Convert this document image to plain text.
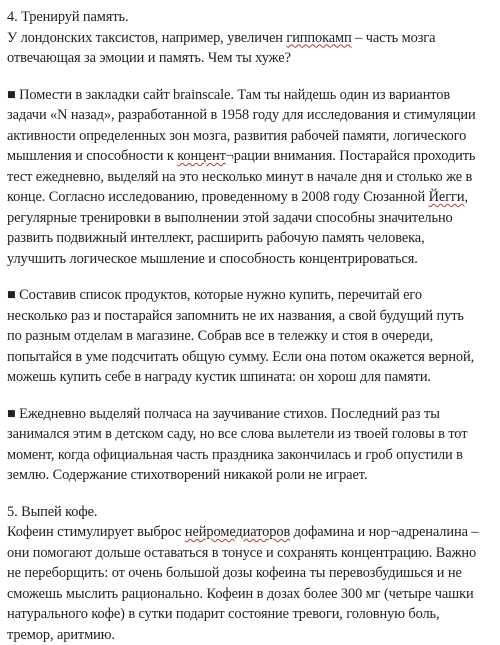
4. Тренируй память.
У лондонских таксистов, например, увеличен гиппокамп – часть мозга
отвечающая за эмоции и память. Чем ты хуже?
■ Помести в закладки сайт brainscale. Там ты найдешь один из вариантов
задачи «N назад», разработанной в 1958 году для исследования и стимуляции
активности определенных зон мозга, развития рабочей памяти, логического
мышления и способности к концент¬рации внимания. Постарайся проходить
тест ежедневно, выделяй на это несколько минут в начале дня и столько же в
конце. Согласно исследованию, проведенному в 2008 году Сюзанной Йегги,
регулярные тренировки в выполнении этой задачи способны значительно
развить подвижный интеллект, расширить рабочую память человека,
улучшить логическое мышление и способность концентрироваться.
■ Составив список продуктов, которые нужно купить, перечитай его
несколько раз и постарайся запомнить не их названия, а свой будущий путь
по разным отделам в магазине. Собрав все в тележку и стоя в очереди,
попытайся в уме подсчитать общую сумму. Если она потом окажется верной,
можешь купить себе в награду кустик шпината: он хорош для памяти.
■ Ежедневно выделяй полчаса на заучивание стихов. Последний раз ты
занимался этим в детском саду, но все слова вылетели из твоей головы в тот
момент, когда официальная часть праздника закончилась и гроб опустили в
землю. Содержание стихотворений никакой роли не играет.
5. Выпей кофе.
Кофеин стимулирует выброс нейромедиаторов дофамина и нор¬адреналина –
они помогают дольше оставаться в тонусе и сохранять концентрацию. Важно
не переборщить: от очень большой дозы кофеина ты перевозбудишься и не
сможешь мыслить рационально. Кофеин в дозах более 300 мг (четыре чашки
натурального кофе) в сутки подарит состояние тревоги, головную боль,
тремор, аритмию.
